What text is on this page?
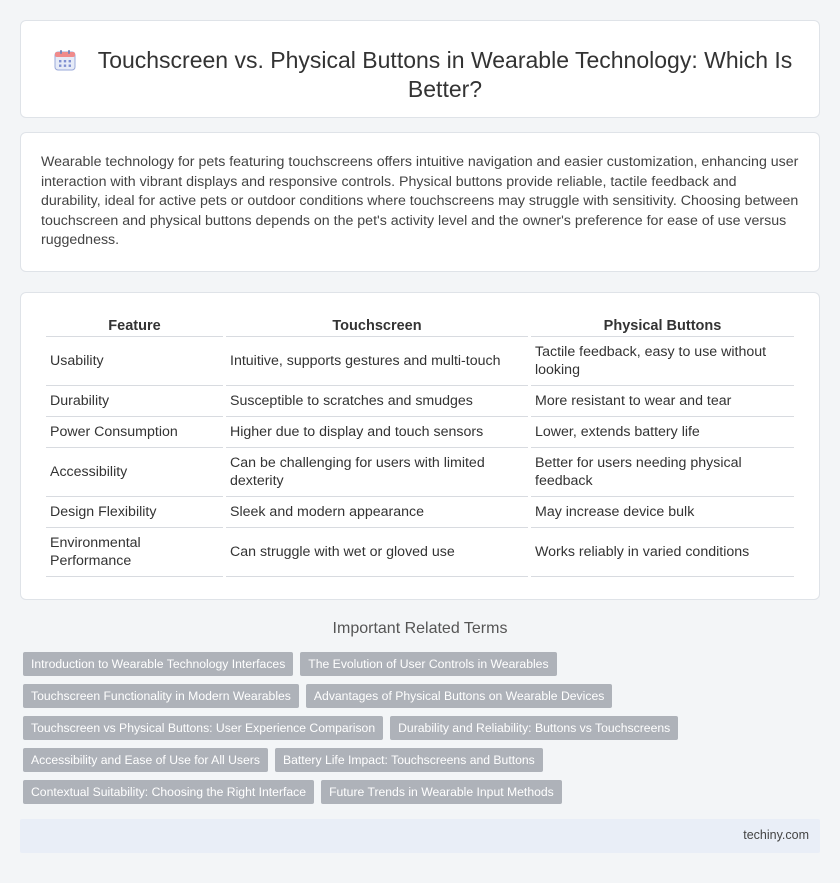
Touchscreen vs. Physical Buttons in Wearable Technology: Which Is Better?

Wearable technology for pets featuring touchscreens offers intuitive navigation and easier customization, enhancing user interaction with vibrant displays and responsive controls. Physical buttons provide reliable, tactile feedback and durability, ideal for active pets or outdoor conditions where touchscreens may struggle with sensitivity. Choosing between touchscreen and physical buttons depends on the pet's activity level and the owner's preference for ease of use versus ruggedness.

Feature	Touchscreen	Physical Buttons
Usability	Intuitive, supports gestures and multi-touch	Tactile feedback, easy to use without looking
Durability	Susceptible to scratches and smudges	More resistant to wear and tear
Power Consumption	Higher due to display and touch sensors	Lower, extends battery life
Accessibility	Can be challenging for users with limited dexterity	Better for users needing physical feedback
Design Flexibility	Sleek and modern appearance	May increase device bulk
Environmental Performance	Can struggle with wet or gloved use	Works reliably in varied conditions
Important Related Terms
Introduction to Wearable Technology Interfaces	The Evolution of User Controls in Wearables
Touchscreen Functionality in Modern Wearables	Advantages of Physical Buttons on Wearable Devices
Touchscreen vs Physical Buttons: User Experience Comparison	Durability and Reliability: Buttons vs Touchscreens
Accessibility and Ease of Use for All Users	Battery Life Impact: Touchscreens and Buttons
Contextual Suitability: Choosing the Right Interface	Future Trends in Wearable Input Methods
techiny.com
